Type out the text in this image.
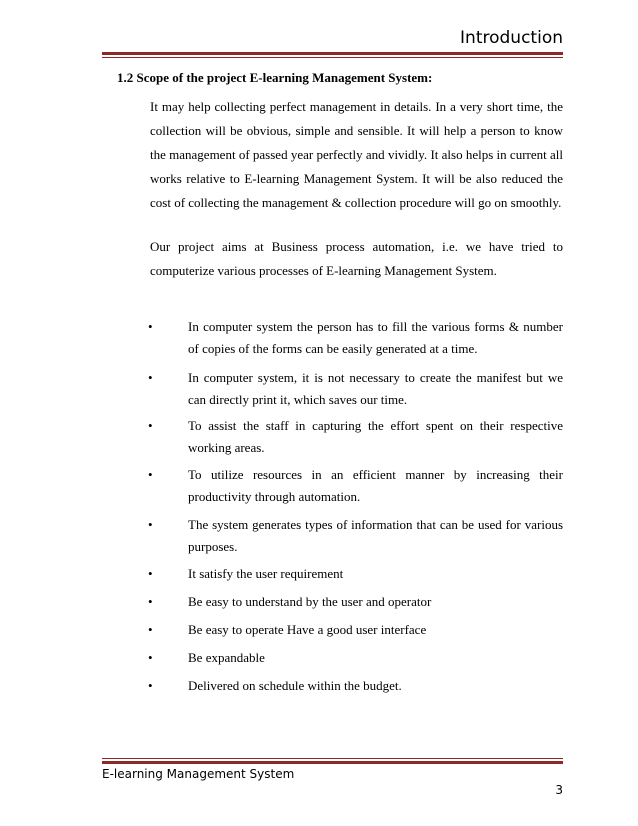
Introduction
1.2 Scope of the project E-learning Management System:

It may help collecting perfect management in details. In a very short time, the collection will be obvious, simple and sensible. It will help a person to know the management of passed year perfectly and vividly. It also helps in current all works relative to E-learning Management System. It will be also reduced the cost of collecting the management & collection procedure will go on smoothly.

Our project aims at Business process automation, i.e. we have tried to computerize various processes of E-learning Management System.

•	In computer system the person has to fill the various forms & number of copies of the forms can be easily generated at a time.
•	In computer system, it is not necessary to create the manifest but we can directly print it, which saves our time.
•	To assist the staff in capturing the effort spent on their respective working areas.
•	To utilize resources in an efficient manner by increasing their productivity through automation.
•	The system generates types of information that can be used for various purposes.
•	It satisfy the user requirement
•	Be easy to understand by the user and operator
•	Be easy to operate Have a good user interface
•	Be expandable
•	Delivered on schedule within the budget.
E-learning Management System
3
